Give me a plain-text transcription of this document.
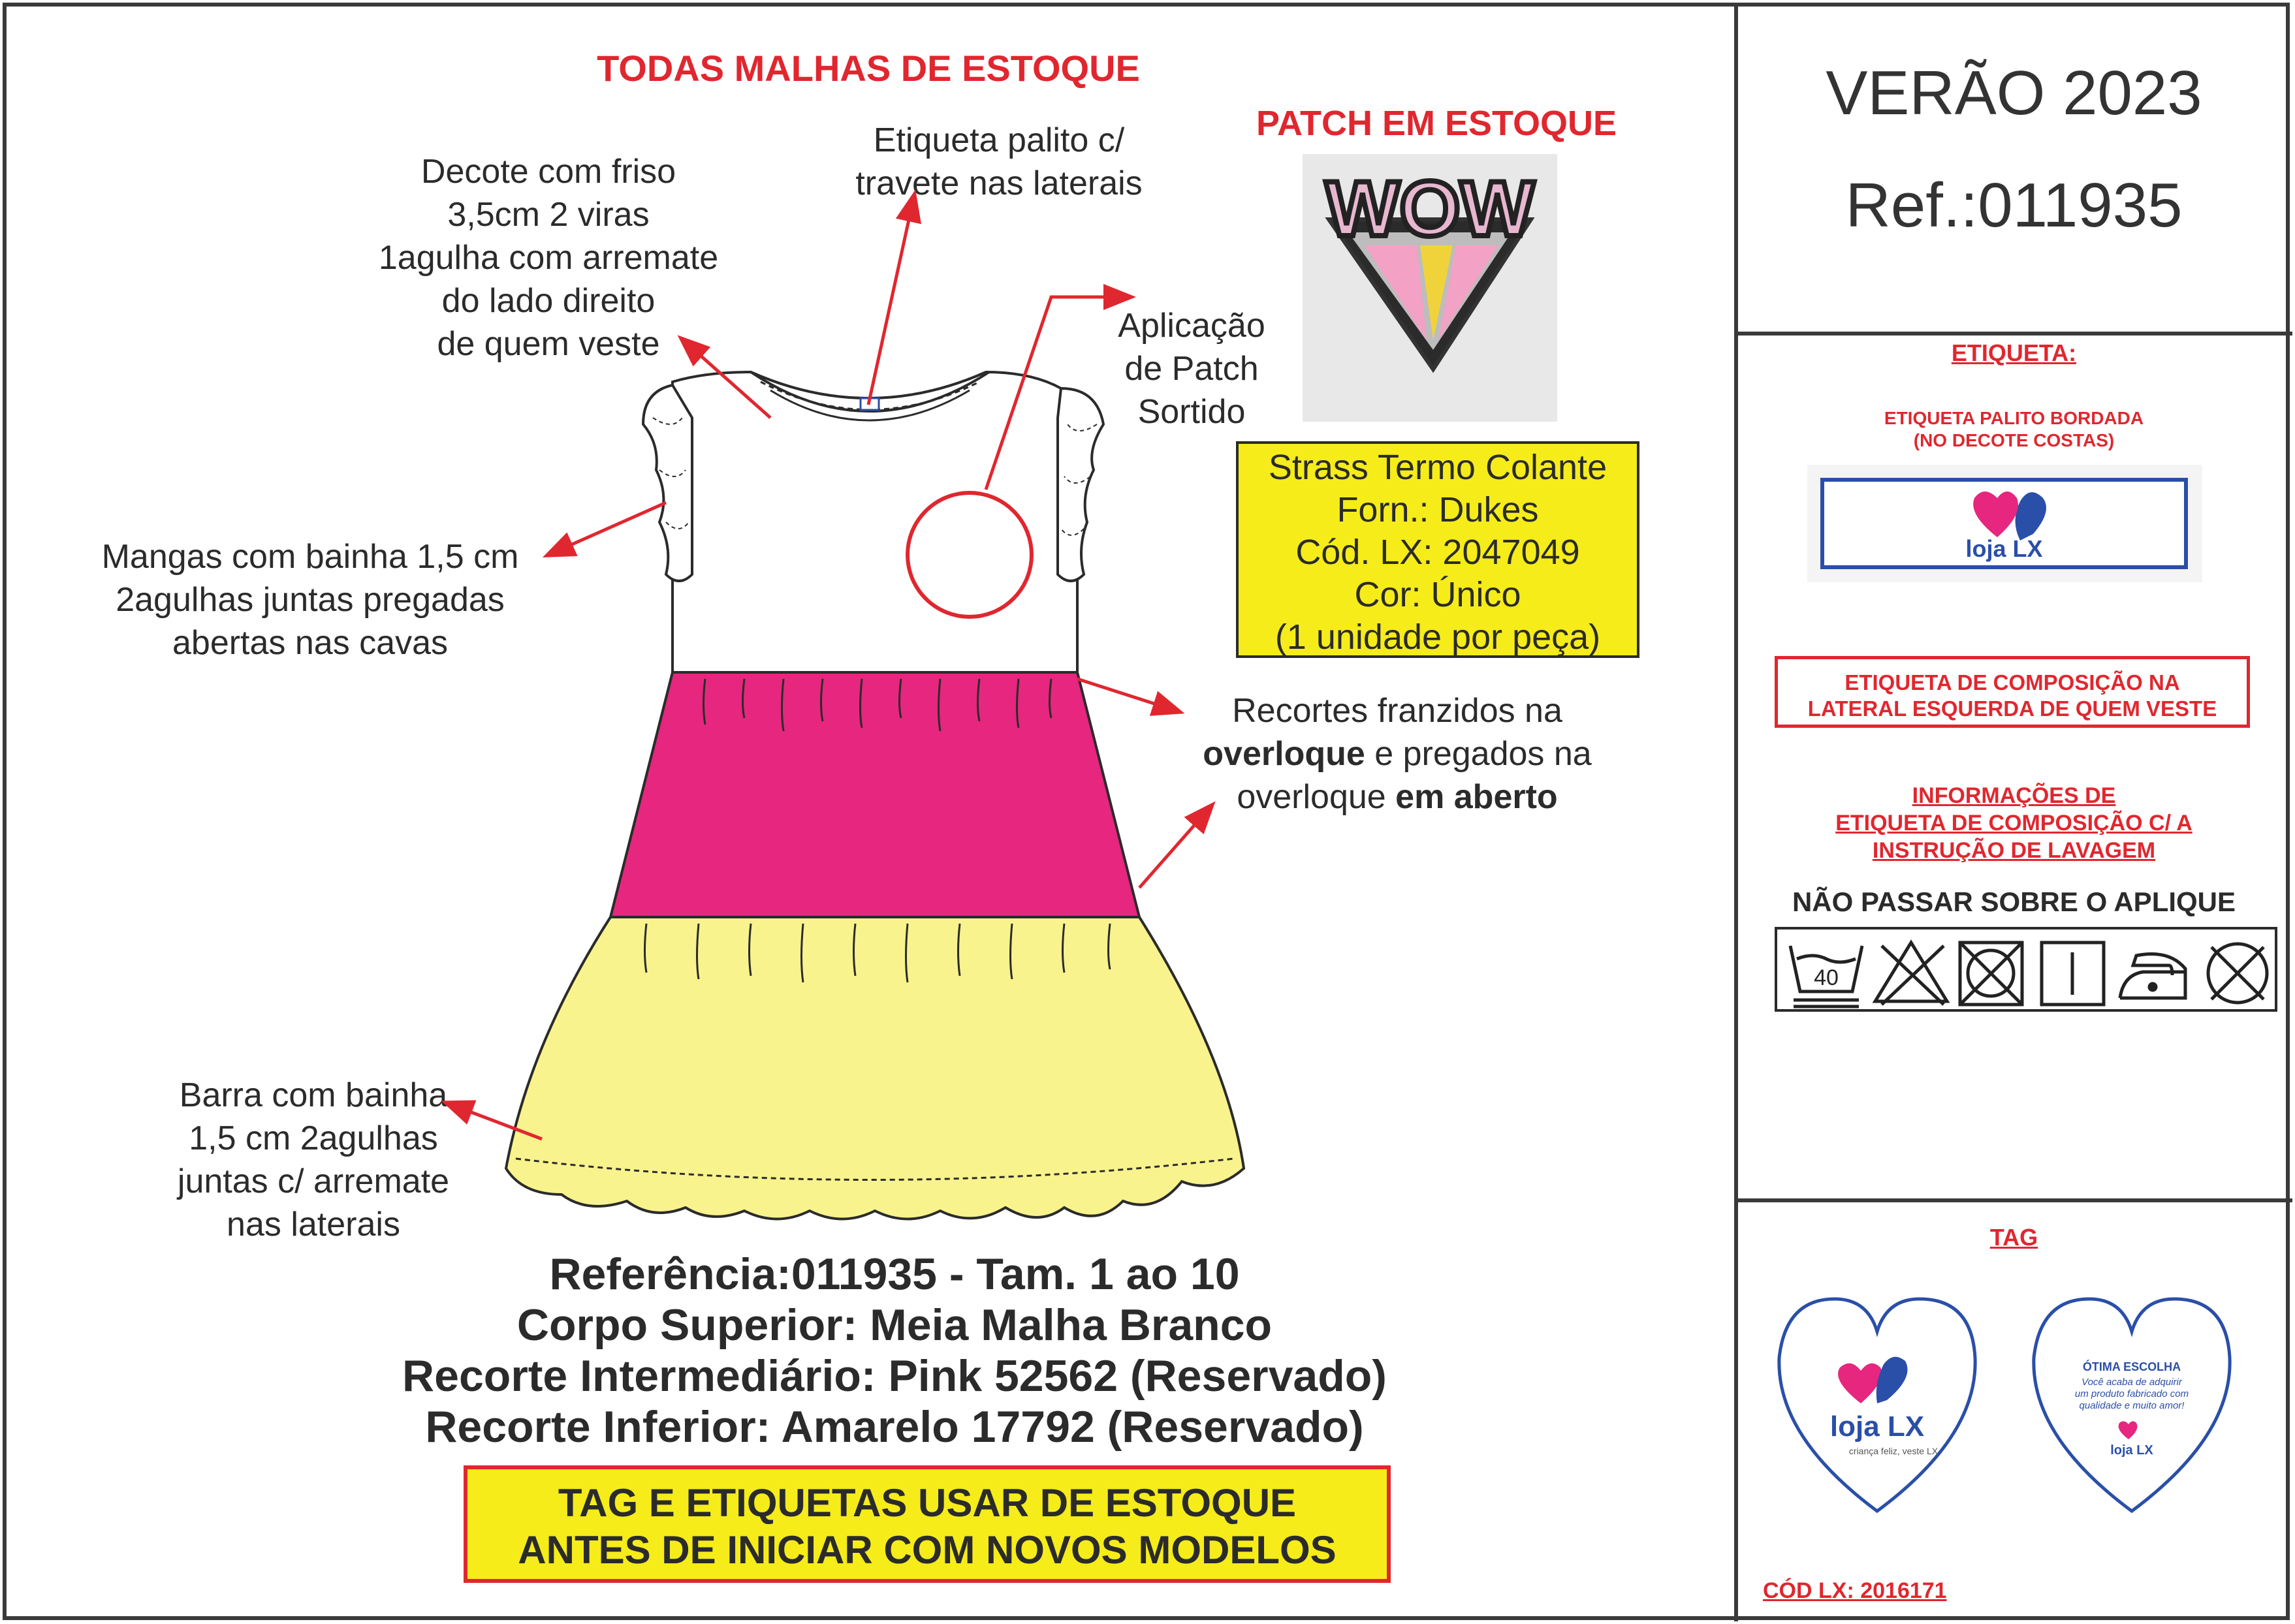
TODAS MALHAS DE ESTOQUE
Decote com friso
3,5cm 2 viras
1agulha com arremate
do lado direito
de quem veste
Etiqueta palito c/
travete nas laterais
Aplicação
de Patch
Sortido
Mangas com bainha 1,5 cm
2agulhas juntas pregadas
abertas nas cavas
Recortes franzidos na
overloque e pregados na
overloque em aberto
Barra com bainha
1,5 cm 2agulhas
juntas c/ arremate
nas laterais
PATCH EM ESTOQUE
WOW
Strass Termo Colante
Forn.: Dukes
Cód. LX: 2047049
Cor: Único
(1 unidade por peça)
Referência:011935 - Tam. 1 ao 10
Corpo Superior: Meia Malha Branco
Recorte Intermediário: Pink 52562 (Reservado)
Recorte Inferior: Amarelo 17792 (Reservado)
TAG E ETIQUETAS USAR DE ESTOQUE
ANTES DE INICIAR COM NOVOS MODELOS
VERÃO 2023
Ref.:011935
ETIQUETA:
ETIQUETA PALITO BORDADA
(NO DECOTE COSTAS)
loja LX
ETIQUETA DE COMPOSIÇÃO NA
LATERAL ESQUERDA DE QUEM VESTE
INFORMAÇÕES DE
ETIQUETA DE COMPOSIÇÃO C/ A
INSTRUÇÃO DE LAVAGEM
NÃO PASSAR SOBRE O APLIQUE
40
TAG
loja LX
criança feliz, veste LX
ÓTIMA ESCOLHA
Você acaba de adquirir
um produto fabricado com
qualidade e muito amor!
loja LX
CÓD LX: 2016171
